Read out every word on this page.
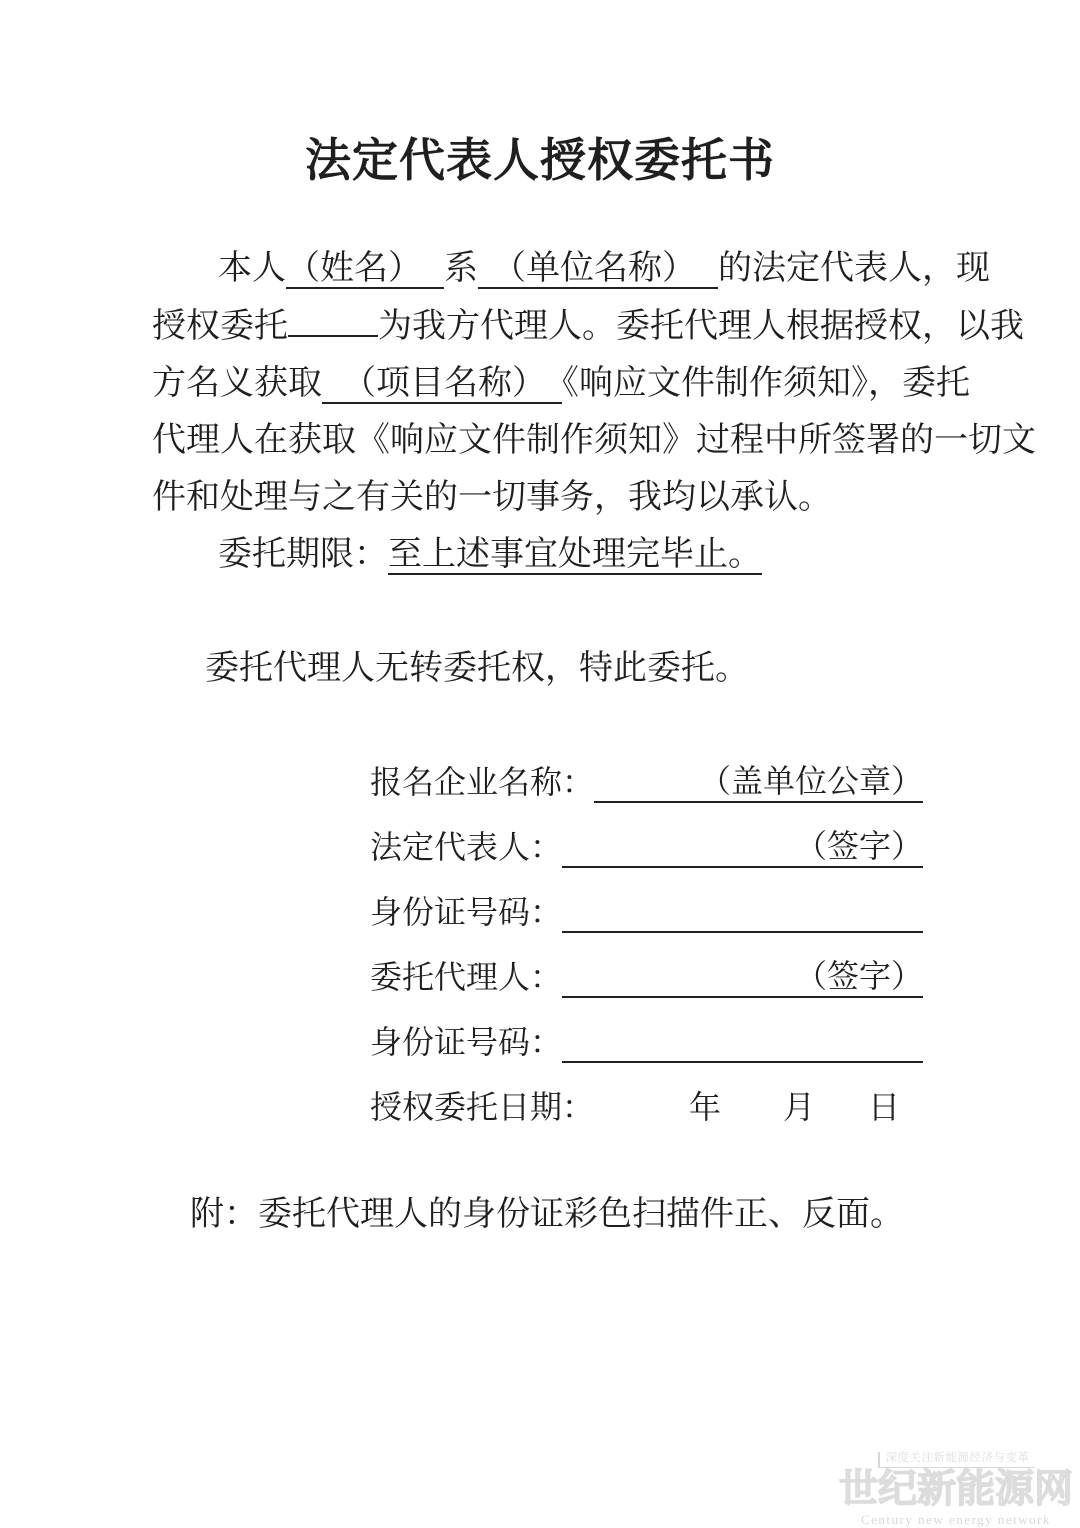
法定代表人授权委托书
本人（姓名） 系 （单位名称） 的法定代表人，现
授权委托	为我方代理人。委托代理人根据授权，以我
方名义获取 （项目名称） 《响应文件制作须知》，委托
代理人在获取《响应文件制作须知》过程中所签署的一切文
件和处理与之有关的一切事务，我均以承认。
委托期限：至上述事宜处理完毕止。
委托代理人无转委托权，特此委托。
报名企业名称：	（盖单位公章）
法定代表人：	（签字）
身份证号码：
委托代理人：	（签字）
身份证号码：
授权委托日期：	年 月 日
附：委托代理人的身份证彩色扫描件正、反面。
深度关注新能源经济与变革
世纪新能源网
Century new energy network
